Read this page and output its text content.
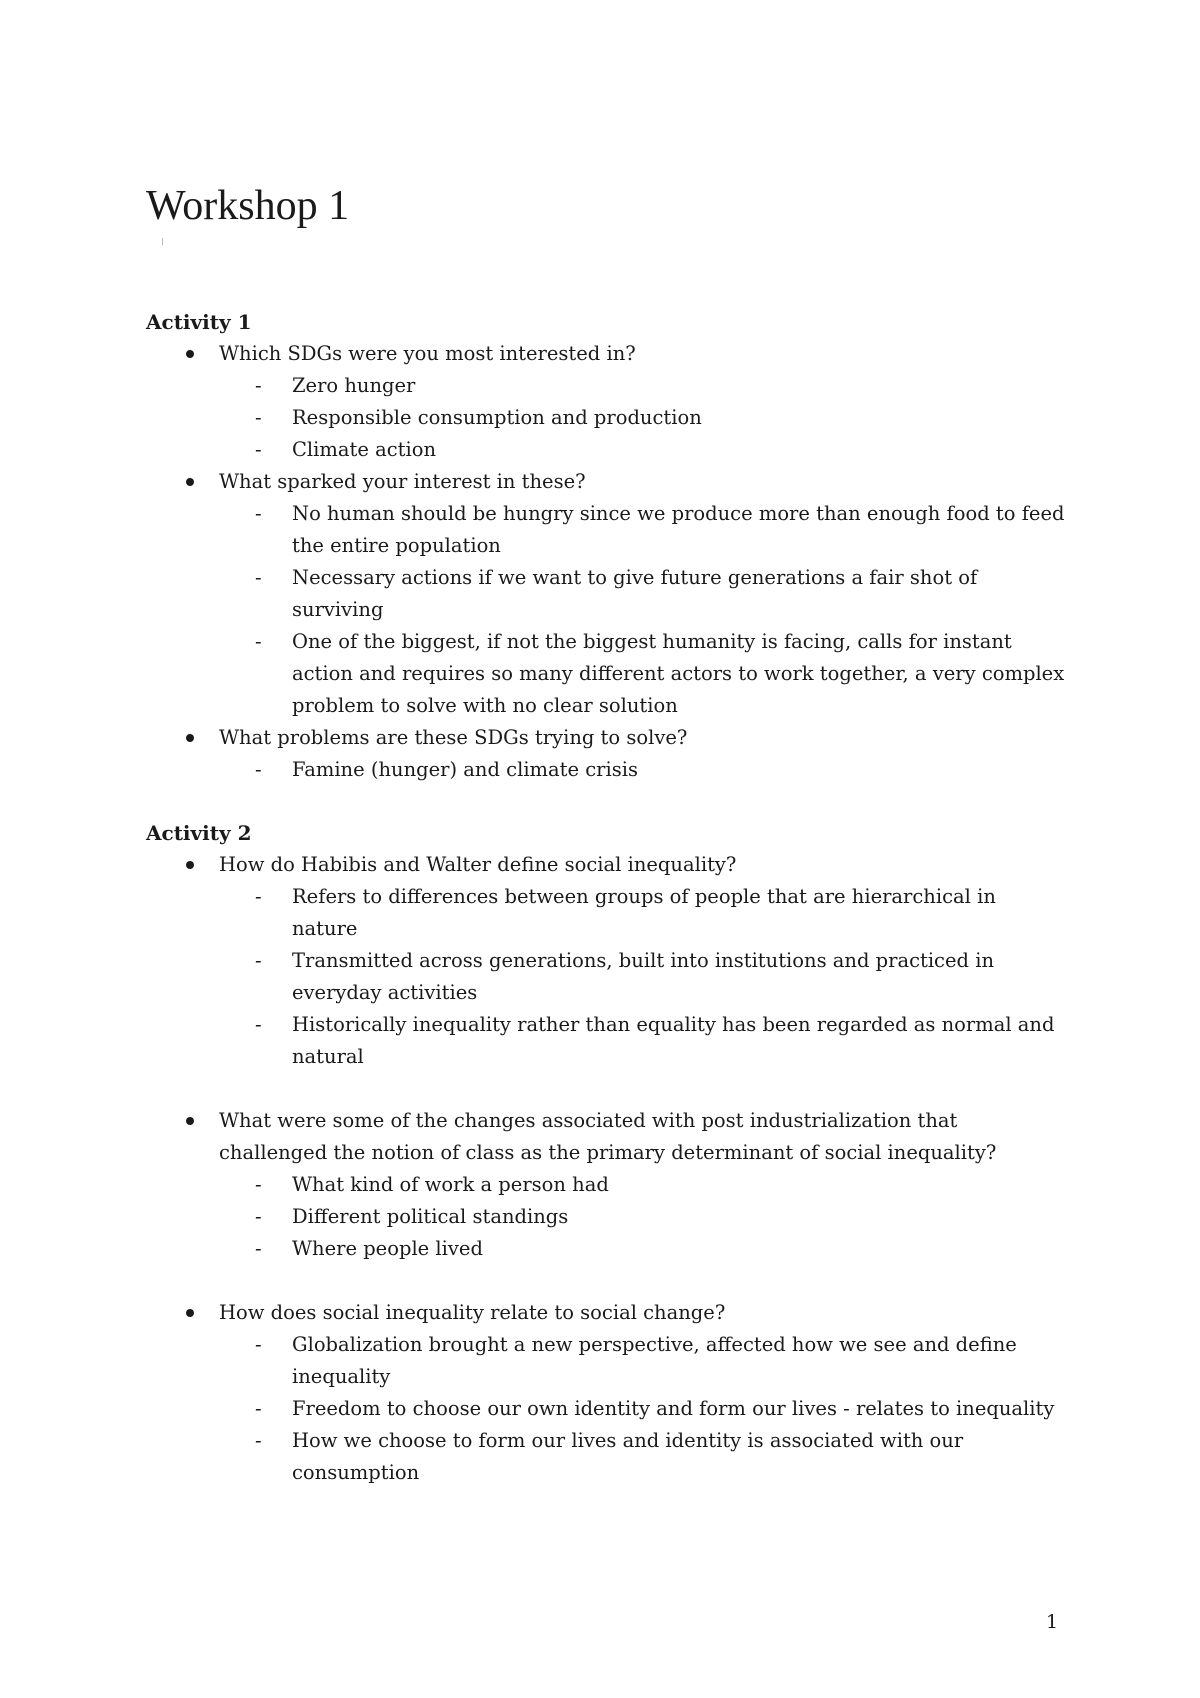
Workshop 1
Activity 1
Which SDGs were you most interested in?
- Zero hunger
- Responsible consumption and production
- Climate action
What sparked your interest in these?
- No human should be hungry since we produce more than enough food to feed the entire population
- Necessary actions if we want to give future generations a fair shot of surviving
- One of the biggest, if not the biggest humanity is facing, calls for instant action and requires so many different actors to work together, a very complex problem to solve with no clear solution
What problems are these SDGs trying to solve?
- Famine (hunger) and climate crisis
Activity 2
How do Habibis and Walter define social inequality?
- Refers to differences between groups of people that are hierarchical in nature
- Transmitted across generations, built into institutions and practiced in everyday activities
- Historically inequality rather than equality has been regarded as normal and natural
What were some of the changes associated with post industrialization that challenged the notion of class as the primary determinant of social inequality?
- What kind of work a person had
- Different political standings
- Where people lived
How does social inequality relate to social change?
- Globalization brought a new perspective, affected how we see and define inequality
- Freedom to choose our own identity and form our lives - relates to inequality
- How we choose to form our lives and identity is associated with our consumption
1
